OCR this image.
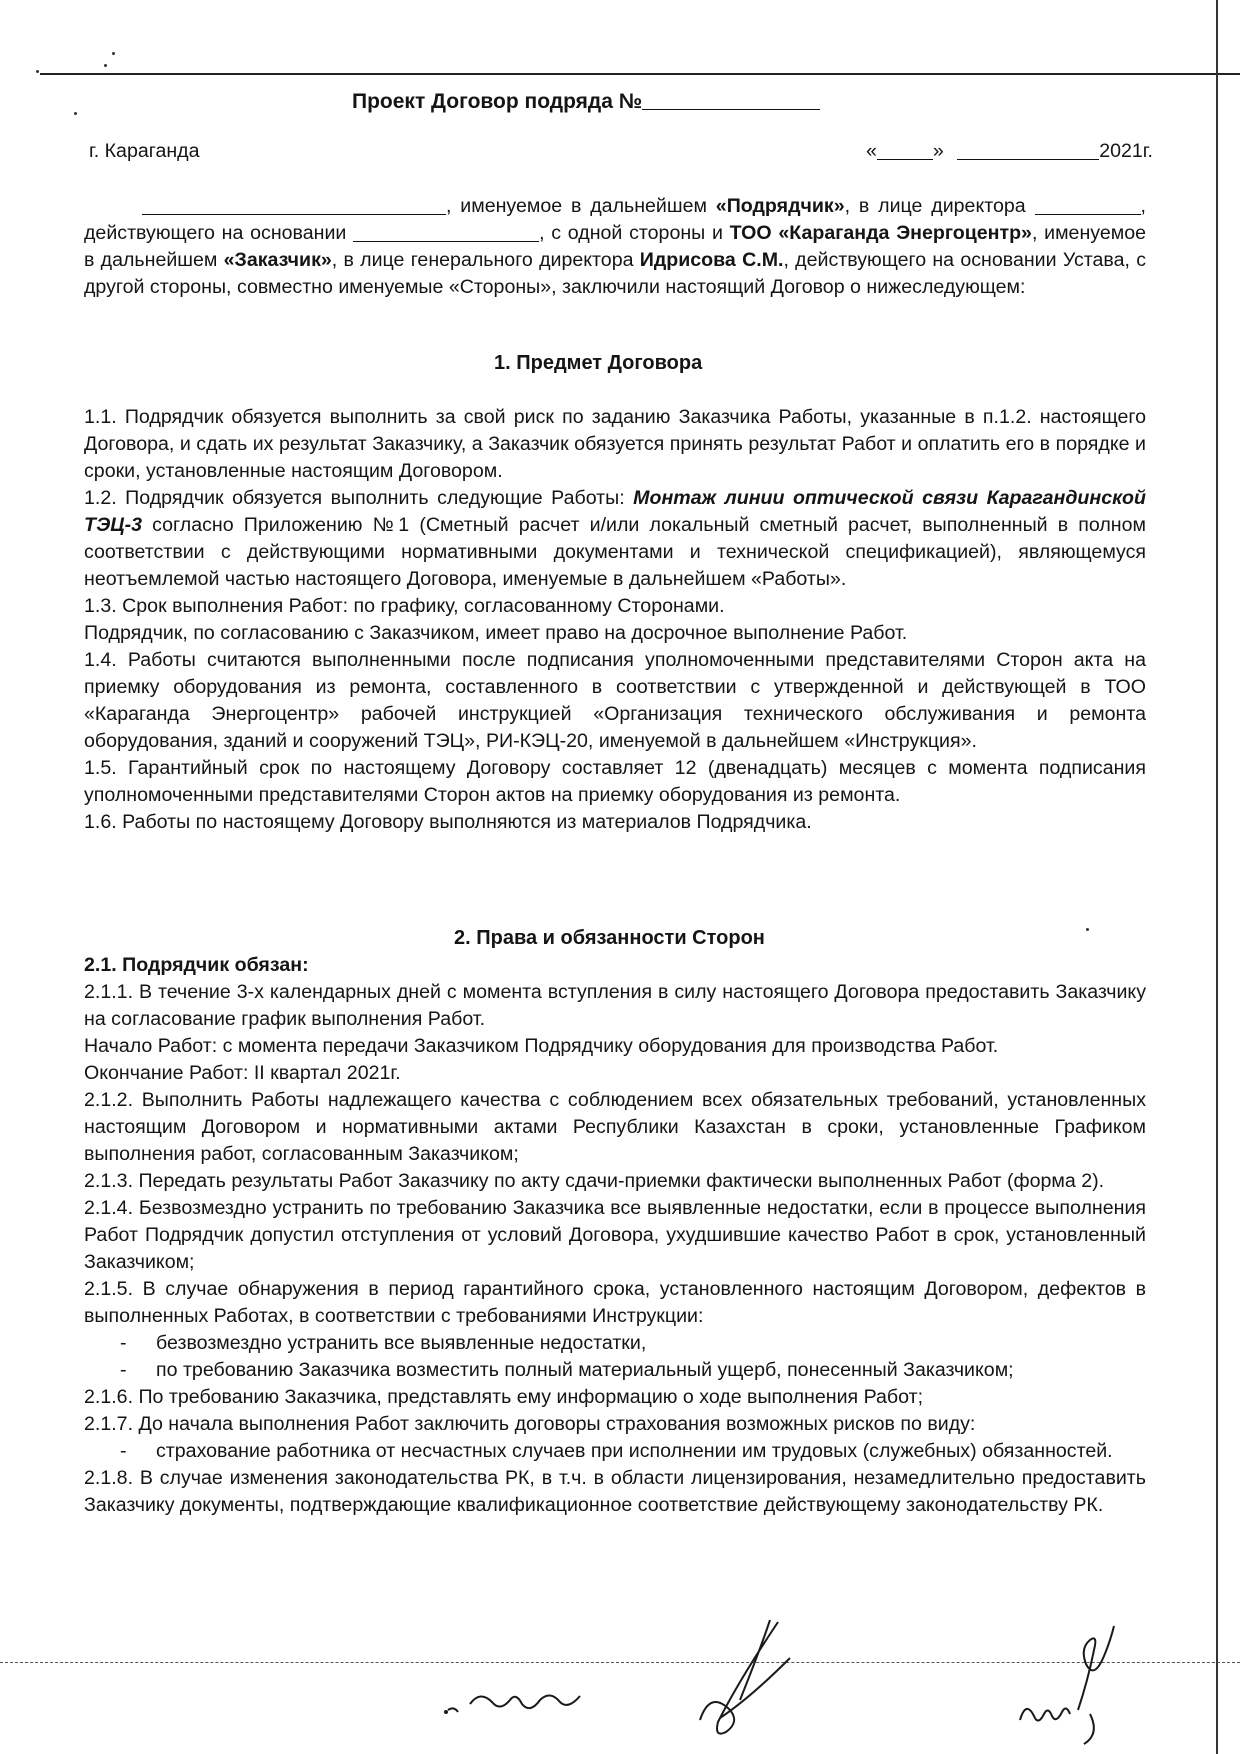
Проект Договор подряда №
г. Караганда	«	»	2021г.
, именуемое в дальнейшем «Подрядчик», в лице директора	, действующего на основании	, с одной стороны и ТОО «Караганда Энергоцентр», именуемое в дальнейшем «Заказчик», в лице генерального директора Идрисова С.М., действующего на основании Устава, с другой стороны, совместно именуемые «Стороны», заключили настоящий Договор о нижеследующем:
1. Предмет Договора

1.1. Подрядчик обязуется выполнить за свой риск по заданию Заказчика Работы, указанные в п.1.2. настоящего Договора, и сдать их результат Заказчику, а Заказчик обязуется принять результат Работ и оплатить его в порядке и сроки, установленные настоящим Договором.

1.2. Подрядчик обязуется выполнить следующие Работы: Монтаж линии оптической связи Карагандинской ТЭЦ-3 согласно Приложению №1 (Сметный расчет и/или локальный сметный расчет, выполненный в полном соответствии с действующими нормативными документами и технической спецификацией), являющемуся неотъемлемой частью настоящего Договора, именуемые в дальнейшем «Работы».

1.3. Срок выполнения Работ: по графику, согласованному Сторонами.

Подрядчик, по согласованию с Заказчиком, имеет право на досрочное выполнение Работ.

1.4. Работы считаются выполненными после подписания уполномоченными представителями Сторон акта на приемку оборудования из ремонта, составленного в соответствии с утвержденной и действующей в ТОО «Караганда Энергоцентр» рабочей инструкцией «Организация технического обслуживания и ремонта оборудования, зданий и сооружений ТЭЦ», РИ-КЭЦ-20, именуемой в дальнейшем «Инструкция».

1.5. Гарантийный срок по настоящему Договору составляет 12 (двенадцать) месяцев с момента подписания уполномоченными представителями Сторон актов на приемку оборудования из ремонта.

1.6. Работы по настоящему Договору выполняются из материалов Подрядчика.

2. Права и обязанности Сторон

2.1. Подрядчик обязан:

2.1.1. В течение 3-х календарных дней с момента вступления в силу настоящего Договора предоставить Заказчику на согласование график выполнения Работ.

Начало Работ: с момента передачи Заказчиком Подрядчику оборудования для производства Работ.

Окончание Работ: II квартал 2021г.

2.1.2. Выполнить Работы надлежащего качества с соблюдением всех обязательных требований, установленных настоящим Договором и нормативными актами Республики Казахстан в сроки, установленные Графиком выполнения работ, согласованным Заказчиком;

2.1.3. Передать результаты Работ Заказчику по акту сдачи-приемки фактически выполненных Работ (форма 2).

2.1.4. Безвозмездно устранить по требованию Заказчика все выявленные недостатки, если в процессе выполнения Работ Подрядчик допустил отступления от условий Договора, ухудшившие качество Работ в срок, установленный Заказчиком;

2.1.5. В случае обнаружения в период гарантийного срока, установленного настоящим Договором, дефектов в выполненных Работах, в соответствии с требованиями Инструкции:

- безвозмездно устранить все выявленные недостатки,
- по требованию Заказчика возместить полный материальный ущерб, понесенный Заказчиком;

2.1.6. По требованию Заказчика, представлять ему информацию о ходе выполнения Работ;

2.1.7. До начала выполнения Работ заключить договоры страхования возможных рисков по виду:

- страхование работника от несчастных случаев при исполнении им трудовых (служебных) обязанностей.

2.1.8. В случае изменения законодательства РК, в т.ч. в области лицензирования, незамедлительно предоставить Заказчику документы, подтверждающие квалификационное соответствие действующему законодательству РК.
